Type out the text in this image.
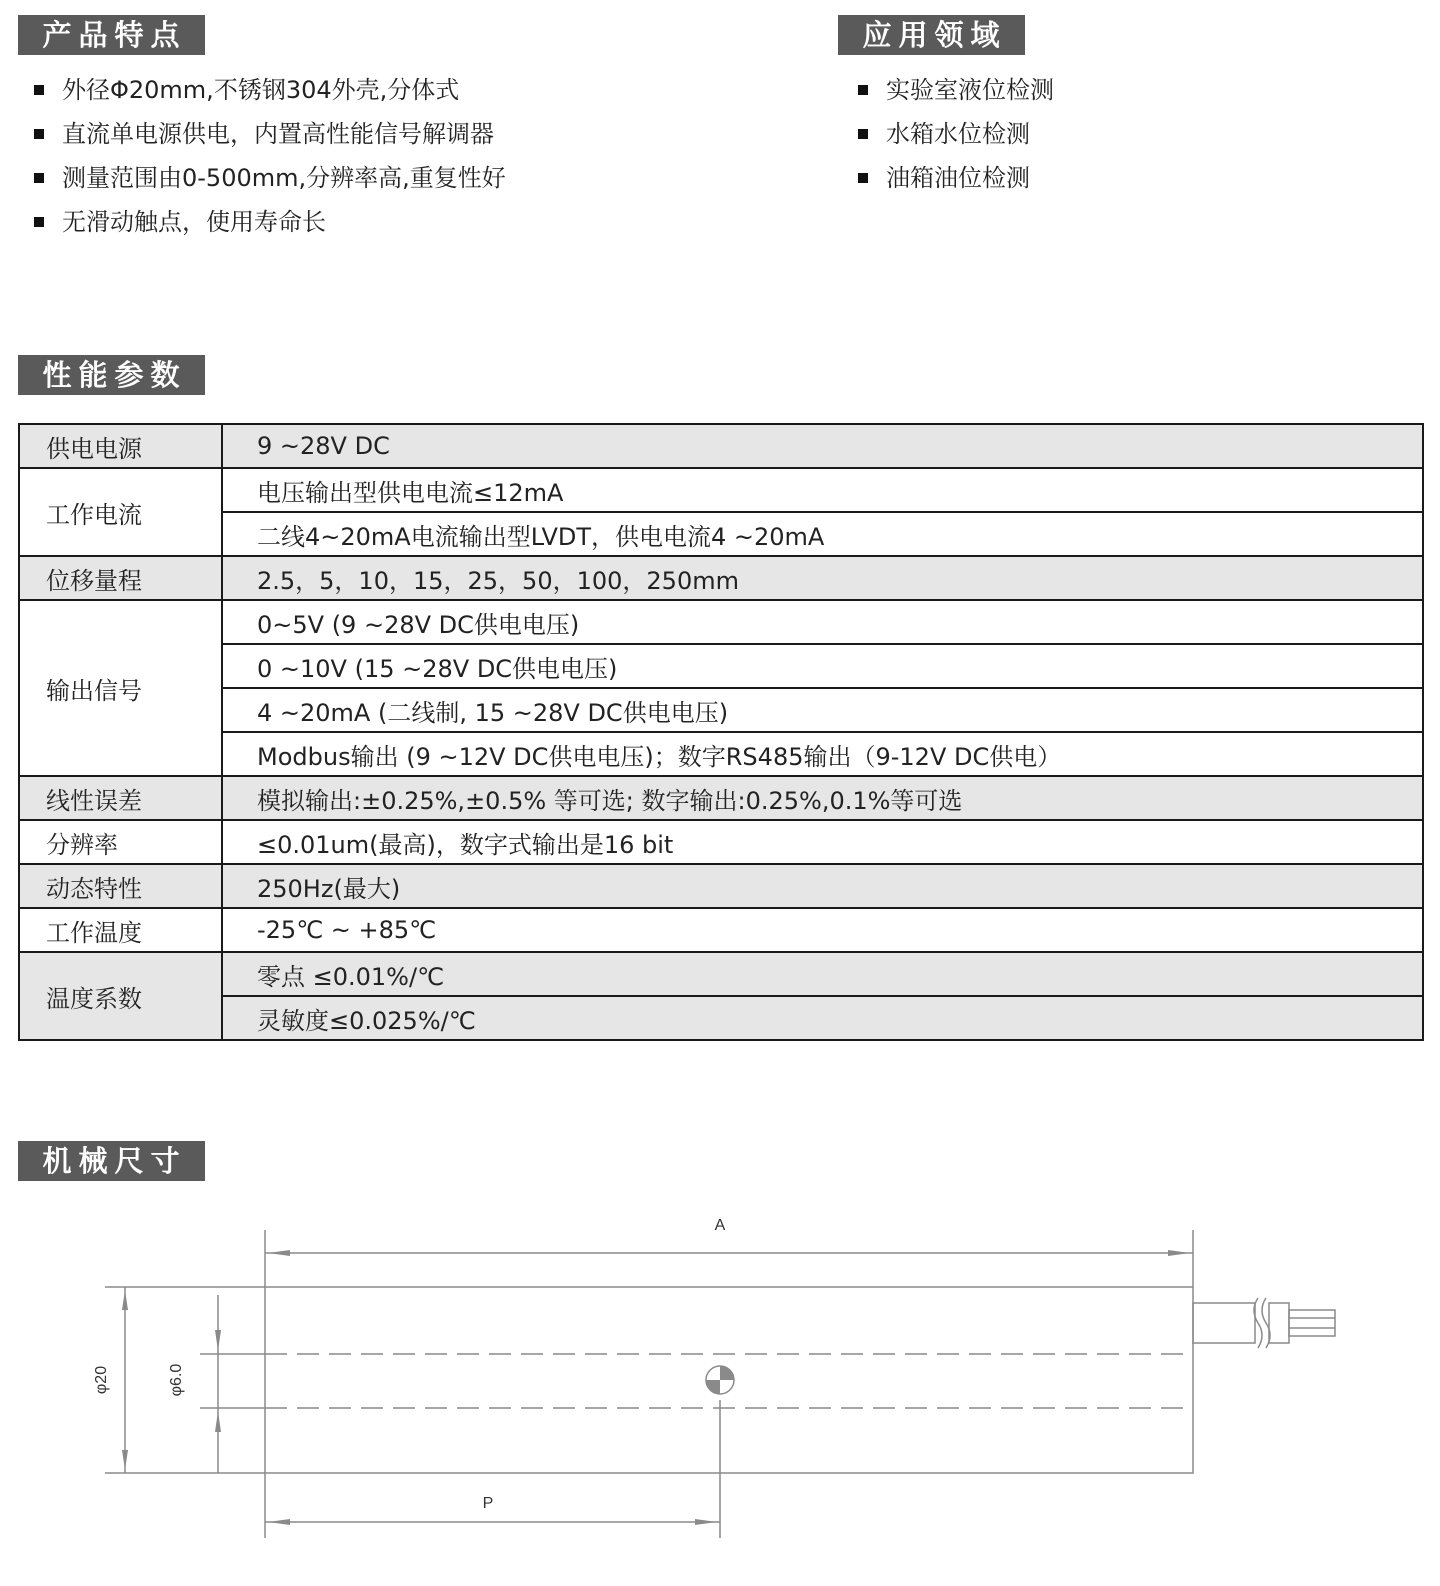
产品特点	应用领域
性能参数
机械尺寸
外径Φ20mm,不锈钢304外壳,分体式
直流单电源供电，内置高性能信号解调器
测量范围由0-500mm,分辨率高,重复性好
无滑动触点，使用寿命长
实验室液位检测
水箱水位检测
油箱油位检测
供电电源	9 ~28V DC
工作电流	电压输出型供电电流≤12mA
	二线4~20mA电流输出型LVDT，供电电流4 ~20mA
位移量程	2.5，5，10，15，25，50，100，250mm
输出信号	0~5V (9 ~28V DC供电电压)
	0 ~10V (15 ~28V DC供电电压)
	4 ~20mA (二线制, 15 ~28V DC供电电压)
	Modbus输出 (9 ~12V DC供电电压)；数字RS485输出（9-12V DC供电）
线性误差	模拟输出:±0.25%,±0.5% 等可选; 数字输出:0.25%,0.1%等可选
分辨率	≤0.01um(最高)，数字式输出是16 bit
动态特性	250Hz(最大)
工作温度	-25℃ ~ +85℃
温度系数	零点 ≤0.01%/℃
	灵敏度≤0.025%/℃
A
P
φ20	φ6.0
